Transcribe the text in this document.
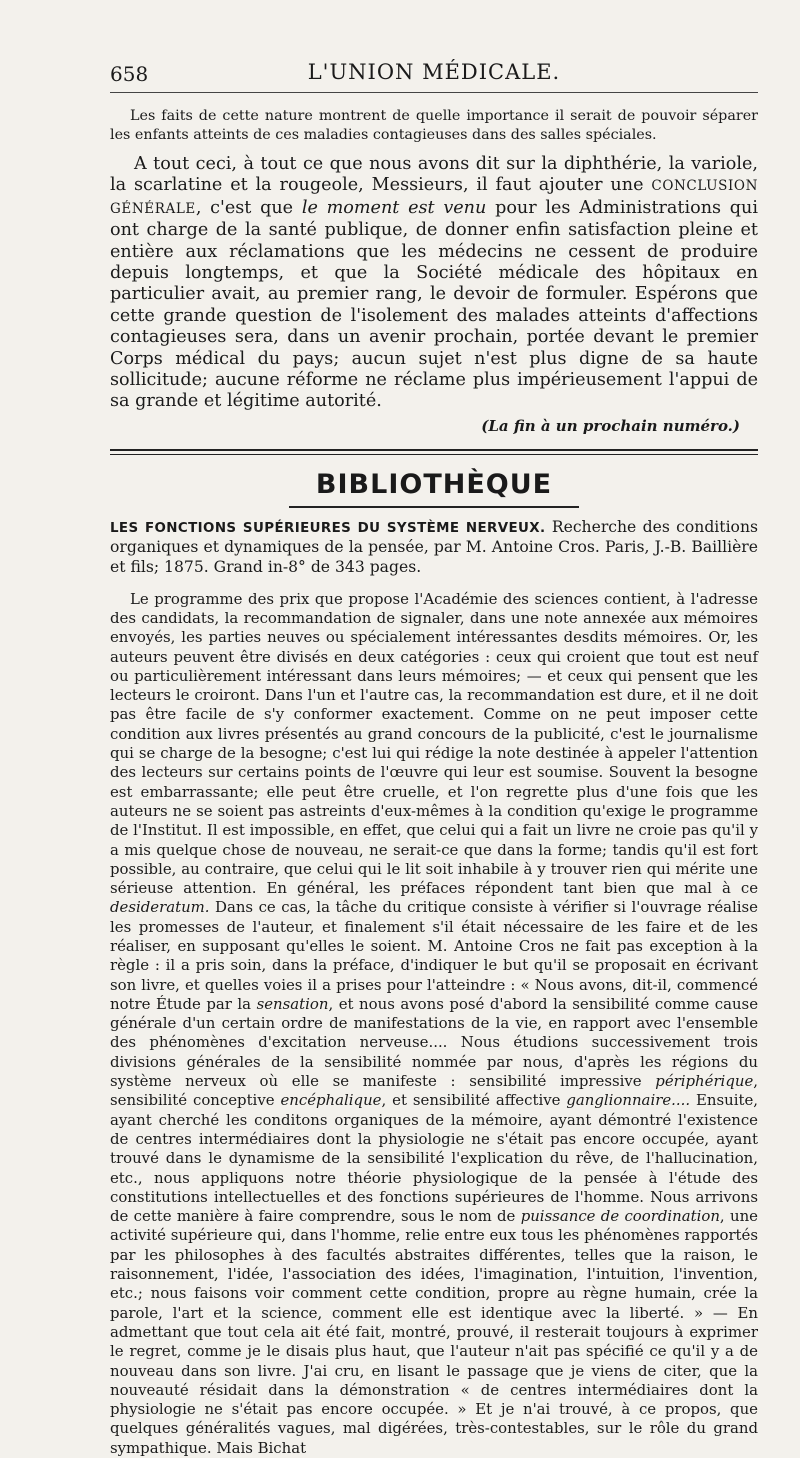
658	L'UNION MÉDICALE.

Les faits de cette nature montrent de quelle importance il serait de pouvoir séparer les enfants atteints de ces maladies contagieuses dans des salles spéciales.

A tout ceci, à tout ce que nous avons dit sur la diphthérie, la variole, la scarlatine et la rougeole, Messieurs, il faut ajouter une CONCLUSION GÉNÉRALE, c'est que le moment est venu pour les Administrations qui ont charge de la santé publique, de donner enfin satisfaction pleine et entière aux réclamations que les médecins ne cessent de produire depuis longtemps, et que la Société médicale des hôpitaux en particulier avait, au premier rang, le devoir de formuler. Espérons que cette grande question de l'isolement des malades atteints d'affections contagieuses sera, dans un avenir prochain, portée devant le premier Corps médical du pays; aucun sujet n'est plus digne de sa haute sollicitude; aucune réforme ne réclame plus impérieusement l'appui de sa grande et légitime autorité.

(La fin à un prochain numéro.)
BIBLIOTHÈQUE

LES FONCTIONS SUPÉRIEURES DU SYSTÈME NERVEUX. Recherche des conditions organiques et dynamiques de la pensée, par M. Antoine Cros. Paris, J.-B. Baillière et fils; 1875. Grand in-8° de 343 pages.

Le programme des prix que propose l'Académie des sciences contient, à l'adresse des candidats, la recommandation de signaler, dans une note annexée aux mémoires envoyés, les parties neuves ou spécialement intéressantes desdits mémoires. Or, les auteurs peuvent être divisés en deux catégories : ceux qui croient que tout est neuf ou particulièrement intéressant dans leurs mémoires; — et ceux qui pensent que les lecteurs le croiront. Dans l'un et l'autre cas, la recommandation est dure, et il ne doit pas être facile de s'y conformer exactement. Comme on ne peut imposer cette condition aux livres présentés au grand concours de la publicité, c'est le journalisme qui se charge de la besogne; c'est lui qui rédige la note destinée à appeler l'attention des lecteurs sur certains points de l'œuvre qui leur est soumise. Souvent la besogne est embarrassante; elle peut être cruelle, et l'on regrette plus d'une fois que les auteurs ne se soient pas astreints d'eux-mêmes à la condition qu'exige le programme de l'Institut. Il est impossible, en effet, que celui qui a fait un livre ne croie pas qu'il y a mis quelque chose de nouveau, ne serait-ce que dans la forme; tandis qu'il est fort possible, au contraire, que celui qui le lit soit inhabile à y trouver rien qui mérite une sérieuse attention. En général, les préfaces répondent tant bien que mal à ce desideratum. Dans ce cas, la tâche du critique consiste à vérifier si l'ouvrage réalise les promesses de l'auteur, et finalement s'il était nécessaire de les faire et de les réaliser, en supposant qu'elles le soient. M. Antoine Cros ne fait pas exception à la règle : il a pris soin, dans la préface, d'indiquer le but qu'il se proposait en écrivant son livre, et quelles voies il a prises pour l'atteindre : « Nous avons, dit-il, commencé notre Étude par la sensation, et nous avons posé d'abord la sensibilité comme cause générale d'un certain ordre de manifestations de la vie, en rapport avec l'ensemble des phénomènes d'excitation nerveuse.... Nous étudions successivement trois divisions générales de la sensibilité nommée par nous, d'après les régions du système nerveux où elle se manifeste : sensibilité impressive périphérique, sensibilité conceptive encéphalique, et sensibilité affective ganglionnaire.... Ensuite, ayant cherché les conditons organiques de la mémoire, ayant démontré l'existence de centres intermédiaires dont la physiologie ne s'était pas encore occupée, ayant trouvé dans le dynamisme de la sensibilité l'explication du rêve, de l'hallucination, etc., nous appliquons notre théorie physiologique de la pensée à l'étude des constitutions intellectuelles et des fonctions supérieures de l'homme. Nous arrivons de cette manière à faire comprendre, sous le nom de puissance de coordination, une activité supérieure qui, dans l'homme, relie entre eux tous les phénomènes rapportés par les philosophes à des facultés abstraites différentes, telles que la raison, le raisonnement, l'idée, l'association des idées, l'imagination, l'intuition, l'invention, etc.; nous faisons voir comment cette condition, propre au règne humain, crée la parole, l'art et la science, comment elle est identique avec la liberté. » — En admettant que tout cela ait été fait, montré, prouvé, il resterait toujours à exprimer le regret, comme je le disais plus haut, que l'auteur n'ait pas spécifié ce qu'il y a de nouveau dans son livre. J'ai cru, en lisant le passage que je viens de citer, que la nouveauté résidait dans la démonstration « de centres intermédiaires dont la physiologie ne s'était pas encore occupée. » Et je n'ai trouvé, à ce propos, que quelques généralités vagues, mal digérées, très-contestables, sur le rôle du grand sympathique. Mais Bichat
